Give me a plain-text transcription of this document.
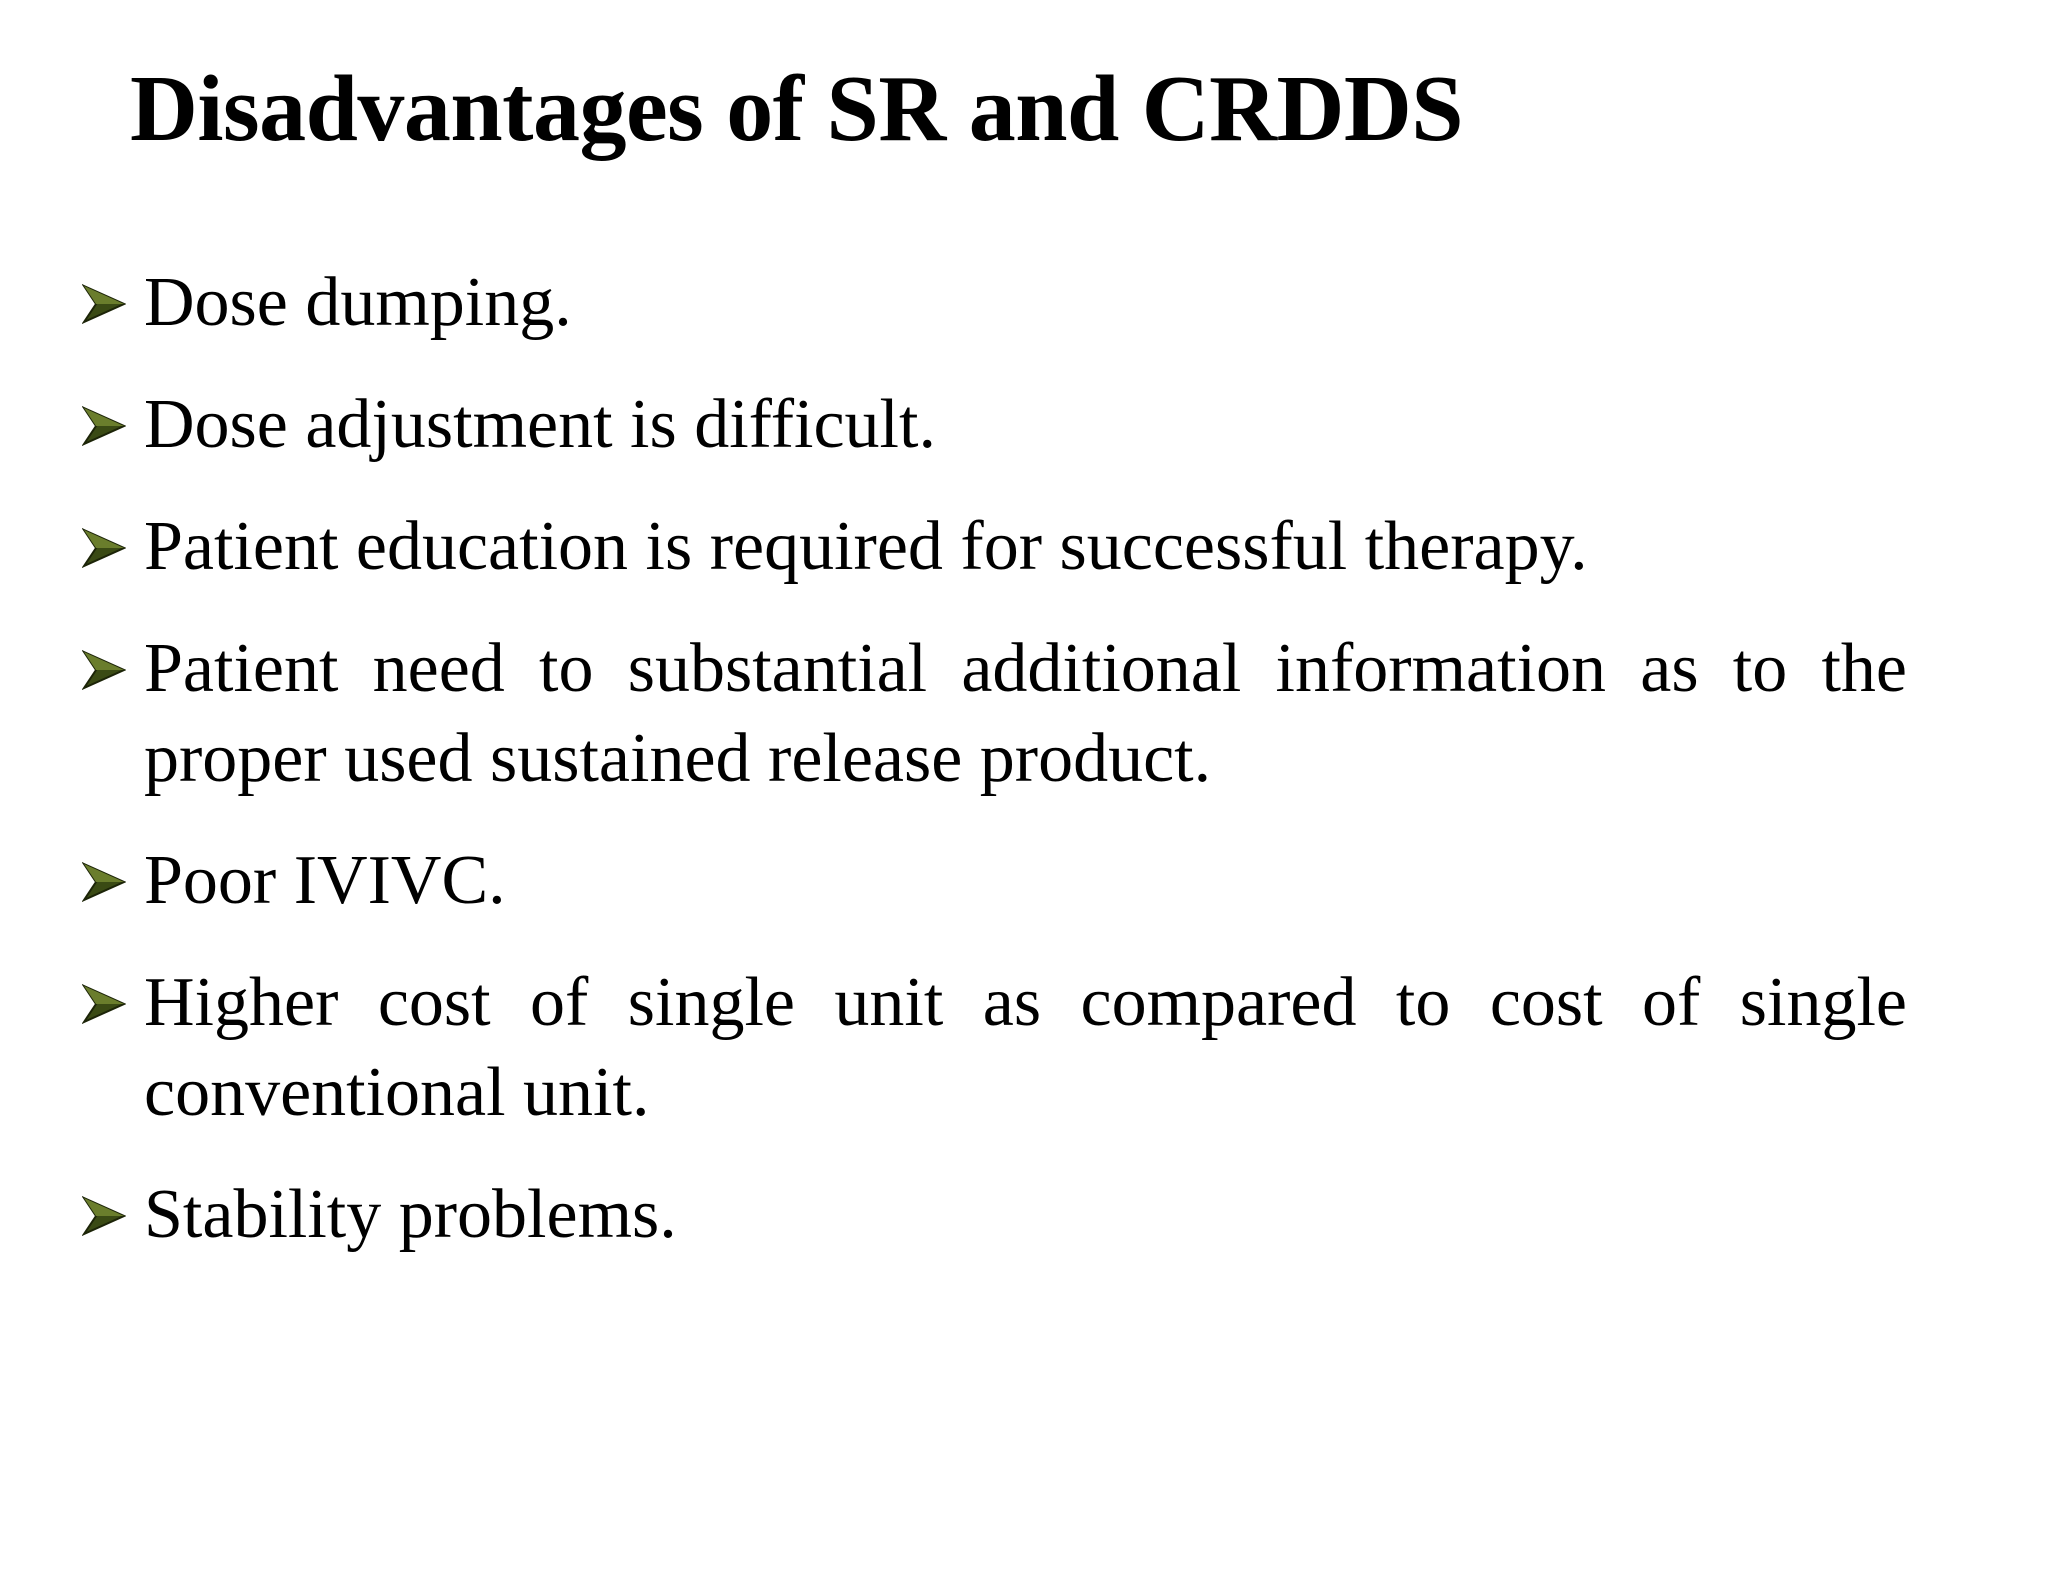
Disadvantages of SR and CRDDS
Dose dumping.
Dose adjustment is difficult.
Patient education is required for successful therapy.
Patient need to substantial additional information as to the proper used sustained release product.
Poor IVIVC.
Higher cost of single unit as compared to cost of single conventional unit.
Stability problems.
